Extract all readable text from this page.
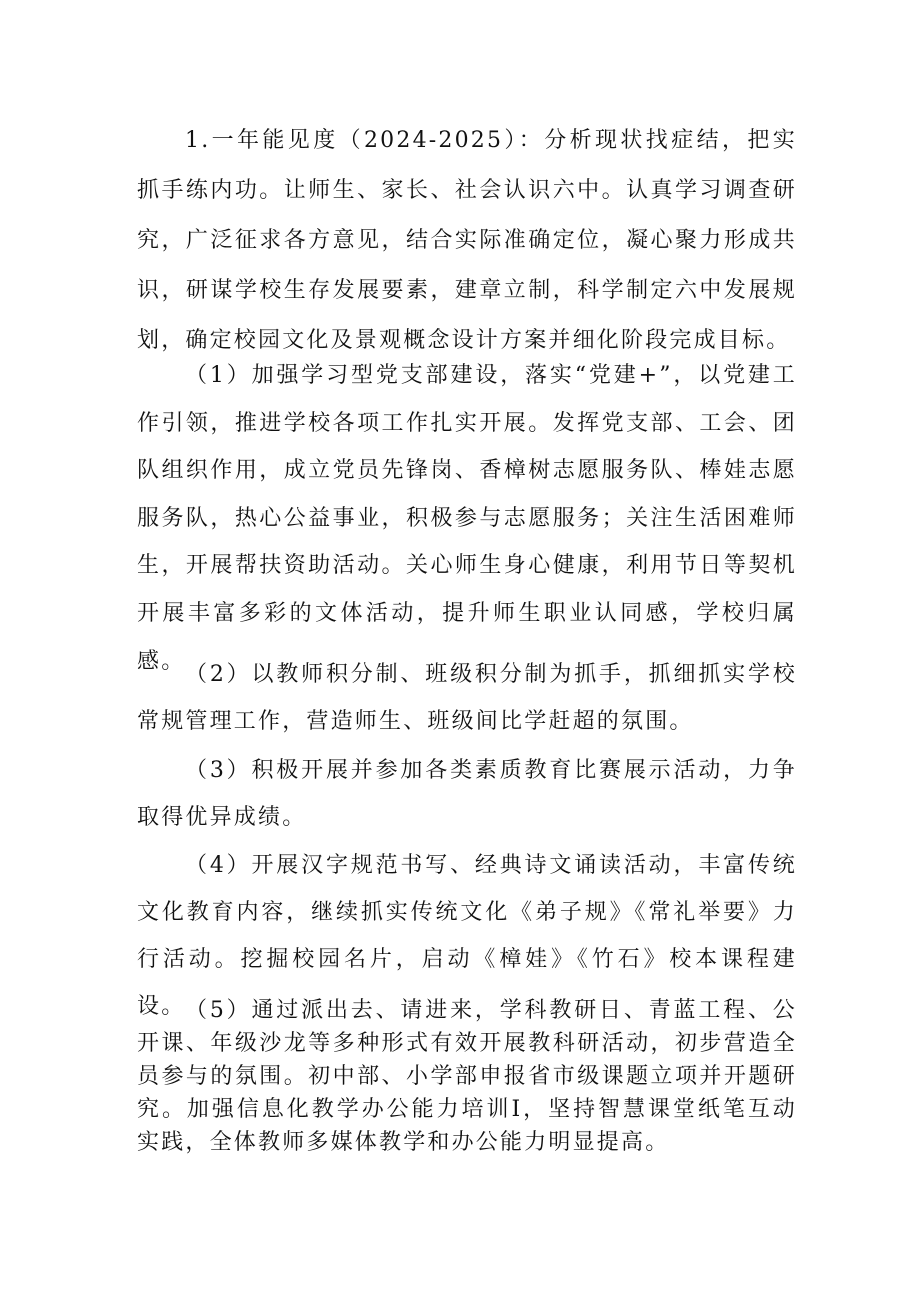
1.一年能见度（2024-2025）：分析现状找症结，把实抓手练内功。让师生、家长、社会认识六中。认真学习调查研究，广泛征求各方意见，结合实际准确定位，凝心聚力形成共识，研谋学校生存发展要素，建章立制，科学制定六中发展规划，确定校园文化及景观概念设计方案并细化阶段完成目标。

（1）加强学习型党支部建设，落实“党建+”，以党建工作引领，推进学校各项工作扎实开展。发挥党支部、工会、团队组织作用，成立党员先锋岗、香樟树志愿服务队、棒娃志愿服务队，热心公益事业，积极参与志愿服务；关注生活困难师生，开展帮扶资助活动。关心师生身心健康，利用节日等契机开展丰富多彩的文体活动，提升师生职业认同感，学校归属感。

（2）以教师积分制、班级积分制为抓手，抓细抓实学校常规管理工作，营造师生、班级间比学赶超的氛围。

（3）积极开展并参加各类素质教育比赛展示活动，力争取得优异成绩。

（4）开展汉字规范书写、经典诗文诵读活动，丰富传统文化教育内容，继续抓实传统文化《弟子规》《常礼举要》力行活动。挖掘校园名片，启动《樟娃》《竹石》校本课程建设。 （5）通过派出去、请进来，学科教研日、青蓝工程、公开课、年级沙龙等多种形式有效开展教科研活动，初步营造全员参与的氛围。初中部、小学部申报省市级课题立项并开题研究。加强信息化教学办公能力培训I，坚持智慧课堂纸笔互动实践，全体教师多媒体教学和办公能力明显提高。
